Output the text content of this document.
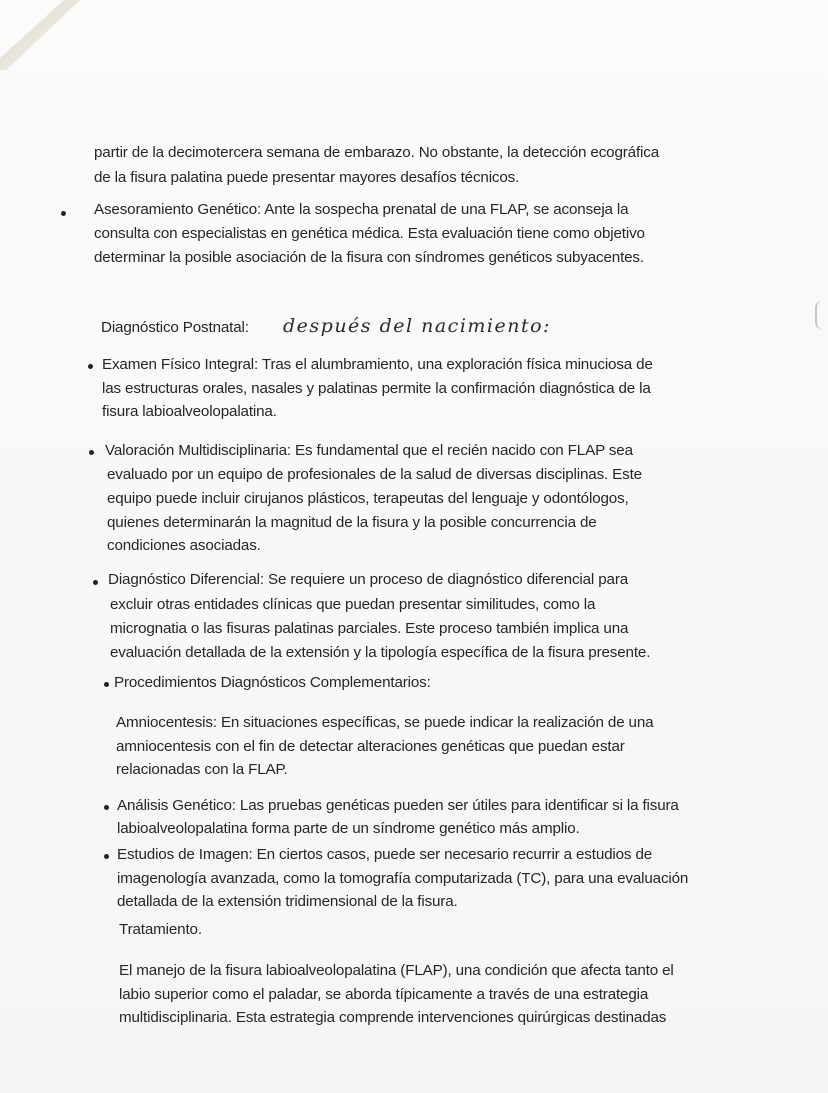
partir de la decimotercera semana de embarazo. No obstante, la detección ecográfica
de la fisura palatina puede presentar mayores desafíos técnicos.
Asesoramiento Genético: Ante la sospecha prenatal de una FLAP, se aconseja la
consulta con especialistas en genética médica. Esta evaluación tiene como objetivo
determinar la posible asociación de la fisura con síndromes genéticos subyacentes.
Diagnóstico Postnatal: después del nacimiento:
Examen Físico Integral: Tras el alumbramiento, una exploración física minuciosa de
las estructuras orales, nasales y palatinas permite la confirmación diagnóstica de la
fisura labioalveolopalatina.
Valoración Multidisciplinaria: Es fundamental que el recién nacido con FLAP sea
evaluado por un equipo de profesionales de la salud de diversas disciplinas. Este
equipo puede incluir cirujanos plásticos, terapeutas del lenguaje y odontólogos,
quienes determinarán la magnitud de la fisura y la posible concurrencia de
condiciones asociadas.
Diagnóstico Diferencial: Se requiere un proceso de diagnóstico diferencial para
excluir otras entidades clínicas que puedan presentar similitudes, como la
micrognatia o las fisuras palatinas parciales. Este proceso también implica una
evaluación detallada de la extensión y la tipología específica de la fisura presente.
Procedimientos Diagnósticos Complementarios:
Amniocentesis: En situaciones específicas, se puede indicar la realización de una
amniocentesis con el fin de detectar alteraciones genéticas que puedan estar
relacionadas con la FLAP.
Análisis Genético: Las pruebas genéticas pueden ser útiles para identificar si la fisura
labioalveolopalatina forma parte de un síndrome genético más amplio.
Estudios de Imagen: En ciertos casos, puede ser necesario recurrir a estudios de
imagenología avanzada, como la tomografía computarizada (TC), para una evaluación
detallada de la extensión tridimensional de la fisura.
Tratamiento.
El manejo de la fisura labioalveolopalatina (FLAP), una condición que afecta tanto el
labio superior como el paladar, se aborda típicamente a través de una estrategia
multidisciplinaria. Esta estrategia comprende intervenciones quirúrgicas destinadas
